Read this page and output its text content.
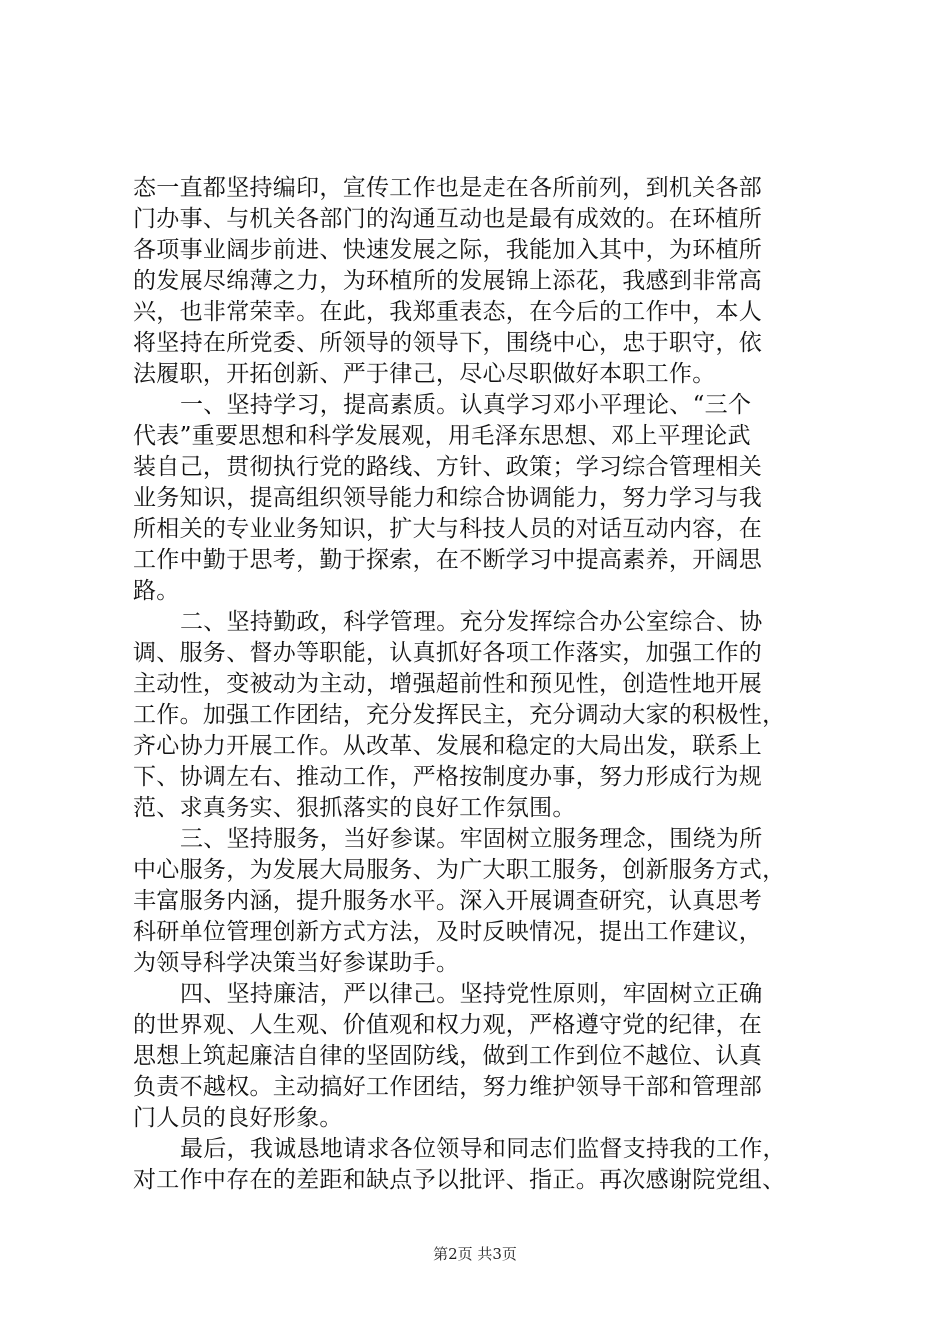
态一直都坚持编印，宣传工作也是走在各所前列，到机关各部
门办事、与机关各部门的沟通互动也是最有成效的。在环植所
各项事业阔步前进、快速发展之际，我能加入其中，为环植所
的发展尽绵薄之力，为环植所的发展锦上添花，我感到非常高
兴，也非常荣幸。在此，我郑重表态，在今后的工作中，本人
将坚持在所党委、所领导的领导下，围绕中心，忠于职守，依
法履职，开拓创新、严于律己，尽心尽职做好本职工作。
一、坚持学习，提高素质。认真学习邓小平理论、“三个
代表”重要思想和科学发展观，用毛泽东思想、邓上平理论武
装自己，贯彻执行党的路线、方针、政策；学习综合管理相关
业务知识，提高组织领导能力和综合协调能力，努力学习与我
所相关的专业业务知识，扩大与科技人员的对话互动内容，在
工作中勤于思考，勤于探索，在不断学习中提高素养，开阔思
路。
二、坚持勤政，科学管理。充分发挥综合办公室综合、协
调、服务、督办等职能，认真抓好各项工作落实，加强工作的
主动性，变被动为主动，增强超前性和预见性，创造性地开展
工作。加强工作团结，充分发挥民主，充分调动大家的积极性，
齐心协力开展工作。从改革、发展和稳定的大局出发，联系上
下、协调左右、推动工作，严格按制度办事，努力形成行为规
范、求真务实、狠抓落实的良好工作氛围。
三、坚持服务，当好参谋。牢固树立服务理念，围绕为所
中心服务，为发展大局服务、为广大职工服务，创新服务方式，
丰富服务内涵，提升服务水平。深入开展调查研究，认真思考
科研单位管理创新方式方法，及时反映情况，提出工作建议，
为领导科学决策当好参谋助手。
四、坚持廉洁，严以律己。坚持党性原则，牢固树立正确
的世界观、人生观、价值观和权力观，严格遵守党的纪律，在
思想上筑起廉洁自律的坚固防线，做到工作到位不越位、认真
负责不越权。主动搞好工作团结，努力维护领导干部和管理部
门人员的良好形象。
最后，我诚恳地请求各位领导和同志们监督支持我的工作，
对工作中存在的差距和缺点予以批评、指正。再次感谢院党组、
第2页 共3页
